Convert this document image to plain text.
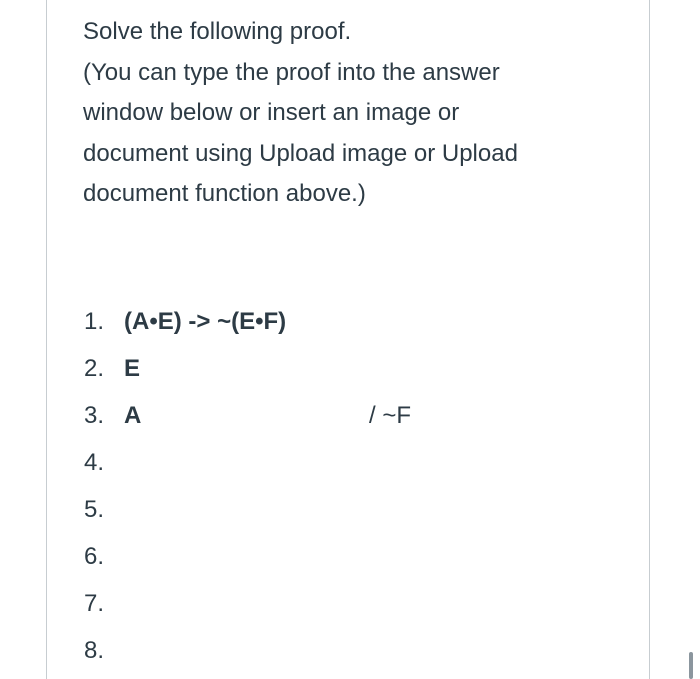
Solve the following proof.

(You can type the proof into the answer

window below or insert an image or

document using Upload image or Upload

document function above.)

1. (A•E) -> ~(E•F)
2. E
3. A	/ ~F
4.
5.
6.
7.
8.
